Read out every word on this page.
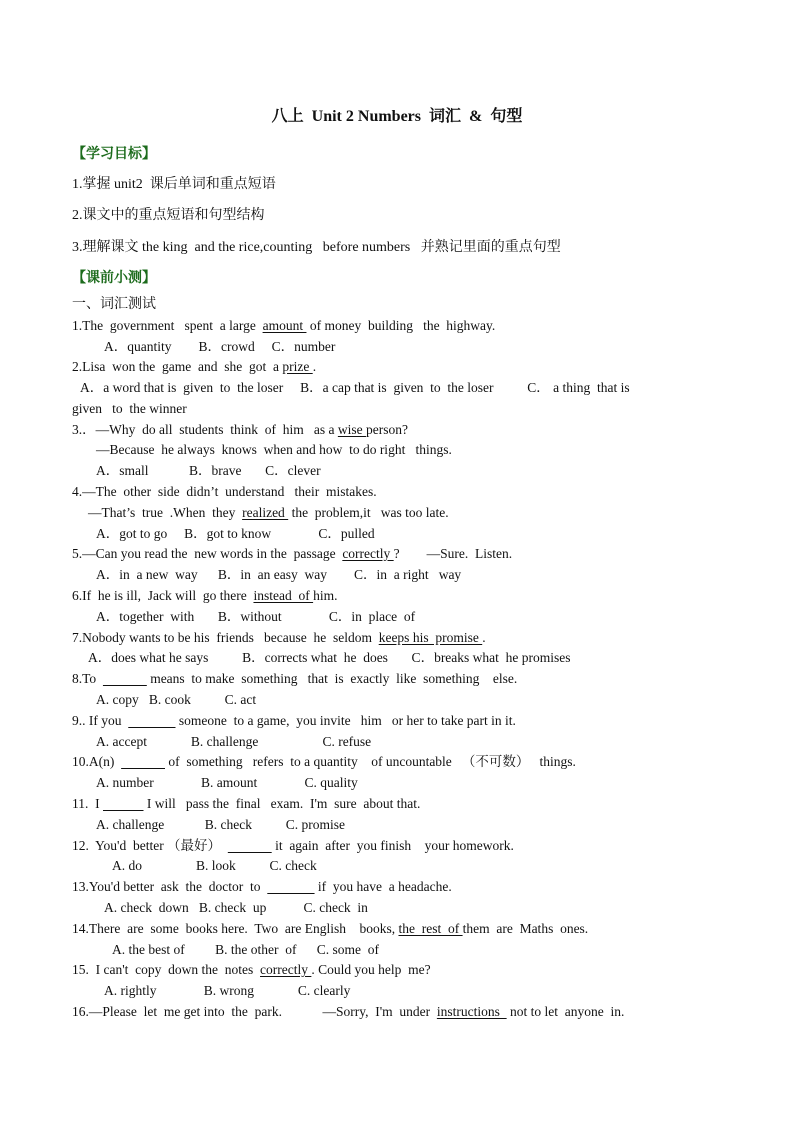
八上  Unit 2 Numbers  词汇  &  句型
【学习目标】
1.掌握 unit2  课后单词和重点短语
2.课文中的重点短语和句型结构
3.理解课文 the king  and the rice,counting   before numbers   并熟记里面的重点句型
【课前小测】
一、词汇测试
1.The  government   spent  a large  amount  of money  building   the  highway.
A．quantity        B．crowd     C．number
2.Lisa  won the  game  and  she  got  a prize .
A．a word that is  given  to  the loser     B．a cap that is  given  to  the loser          C． a thing  that is
given   to  the winner
3.．—Why  do all  students  think  of  him   as a wise person?
—Because  he always  knows  when and how  to do right   things.
A．small            B．brave       C．clever
4.—The  other  side  didn’t  understand   their  mistakes.
—That’s  true  .When  they  realized  the  problem,it   was too late.
A．got to go     B．got to know              C．pulled
5.—Can you read the  new words in the  passage  correctly ?        —Sure.  Listen.
A．in  a new  way      B．in  an easy  way        C．in  a right   way
6.If  he is ill,  Jack will  go there  instead  of him.
A．together  with       B．without              C．in  place  of
7.Nobody wants to be his  friends   because  he  seldom  keeps his  promise .
A．does what he says          B．corrects what  he  does       C．breaks what  he promises
8.To	means  to make  something   that  is  exactly  like  something    else.
A. copy   B. cook          C. act
9.. If you	someone  to a game,  you invite   him   or her to take part in it.
A. accept             B. challenge                   C. refuse
10.A(n)	of  something   refers  to a quantity    of uncountable   （不可数）   things.
A. number              B. amount              C. quality
11.  I	I will   pass the  final   exam.  I'm  sure  about that.
A. challenge            B. check          C. promise
12.  You'd  better （最好）	it  again  after  you finish    your homework.
A. do                B. look          C. check
13.You'd better  ask  the  doctor  to	if  you have  a headache.
A. check  down   B. check  up           C. check  in
14.There  are  some  books here.  Two  are English    books, the  rest  of them  are  Maths  ones.
A. the best of         B. the other  of      C. some  of
15.  I can't  copy  down the  notes  correctly . Could you help  me?
A. rightly              B. wrong             C. clearly
16.—Please  let  me get into  the  park.            —Sorry,  I'm  under  instructions   not to let  anyone  in.
